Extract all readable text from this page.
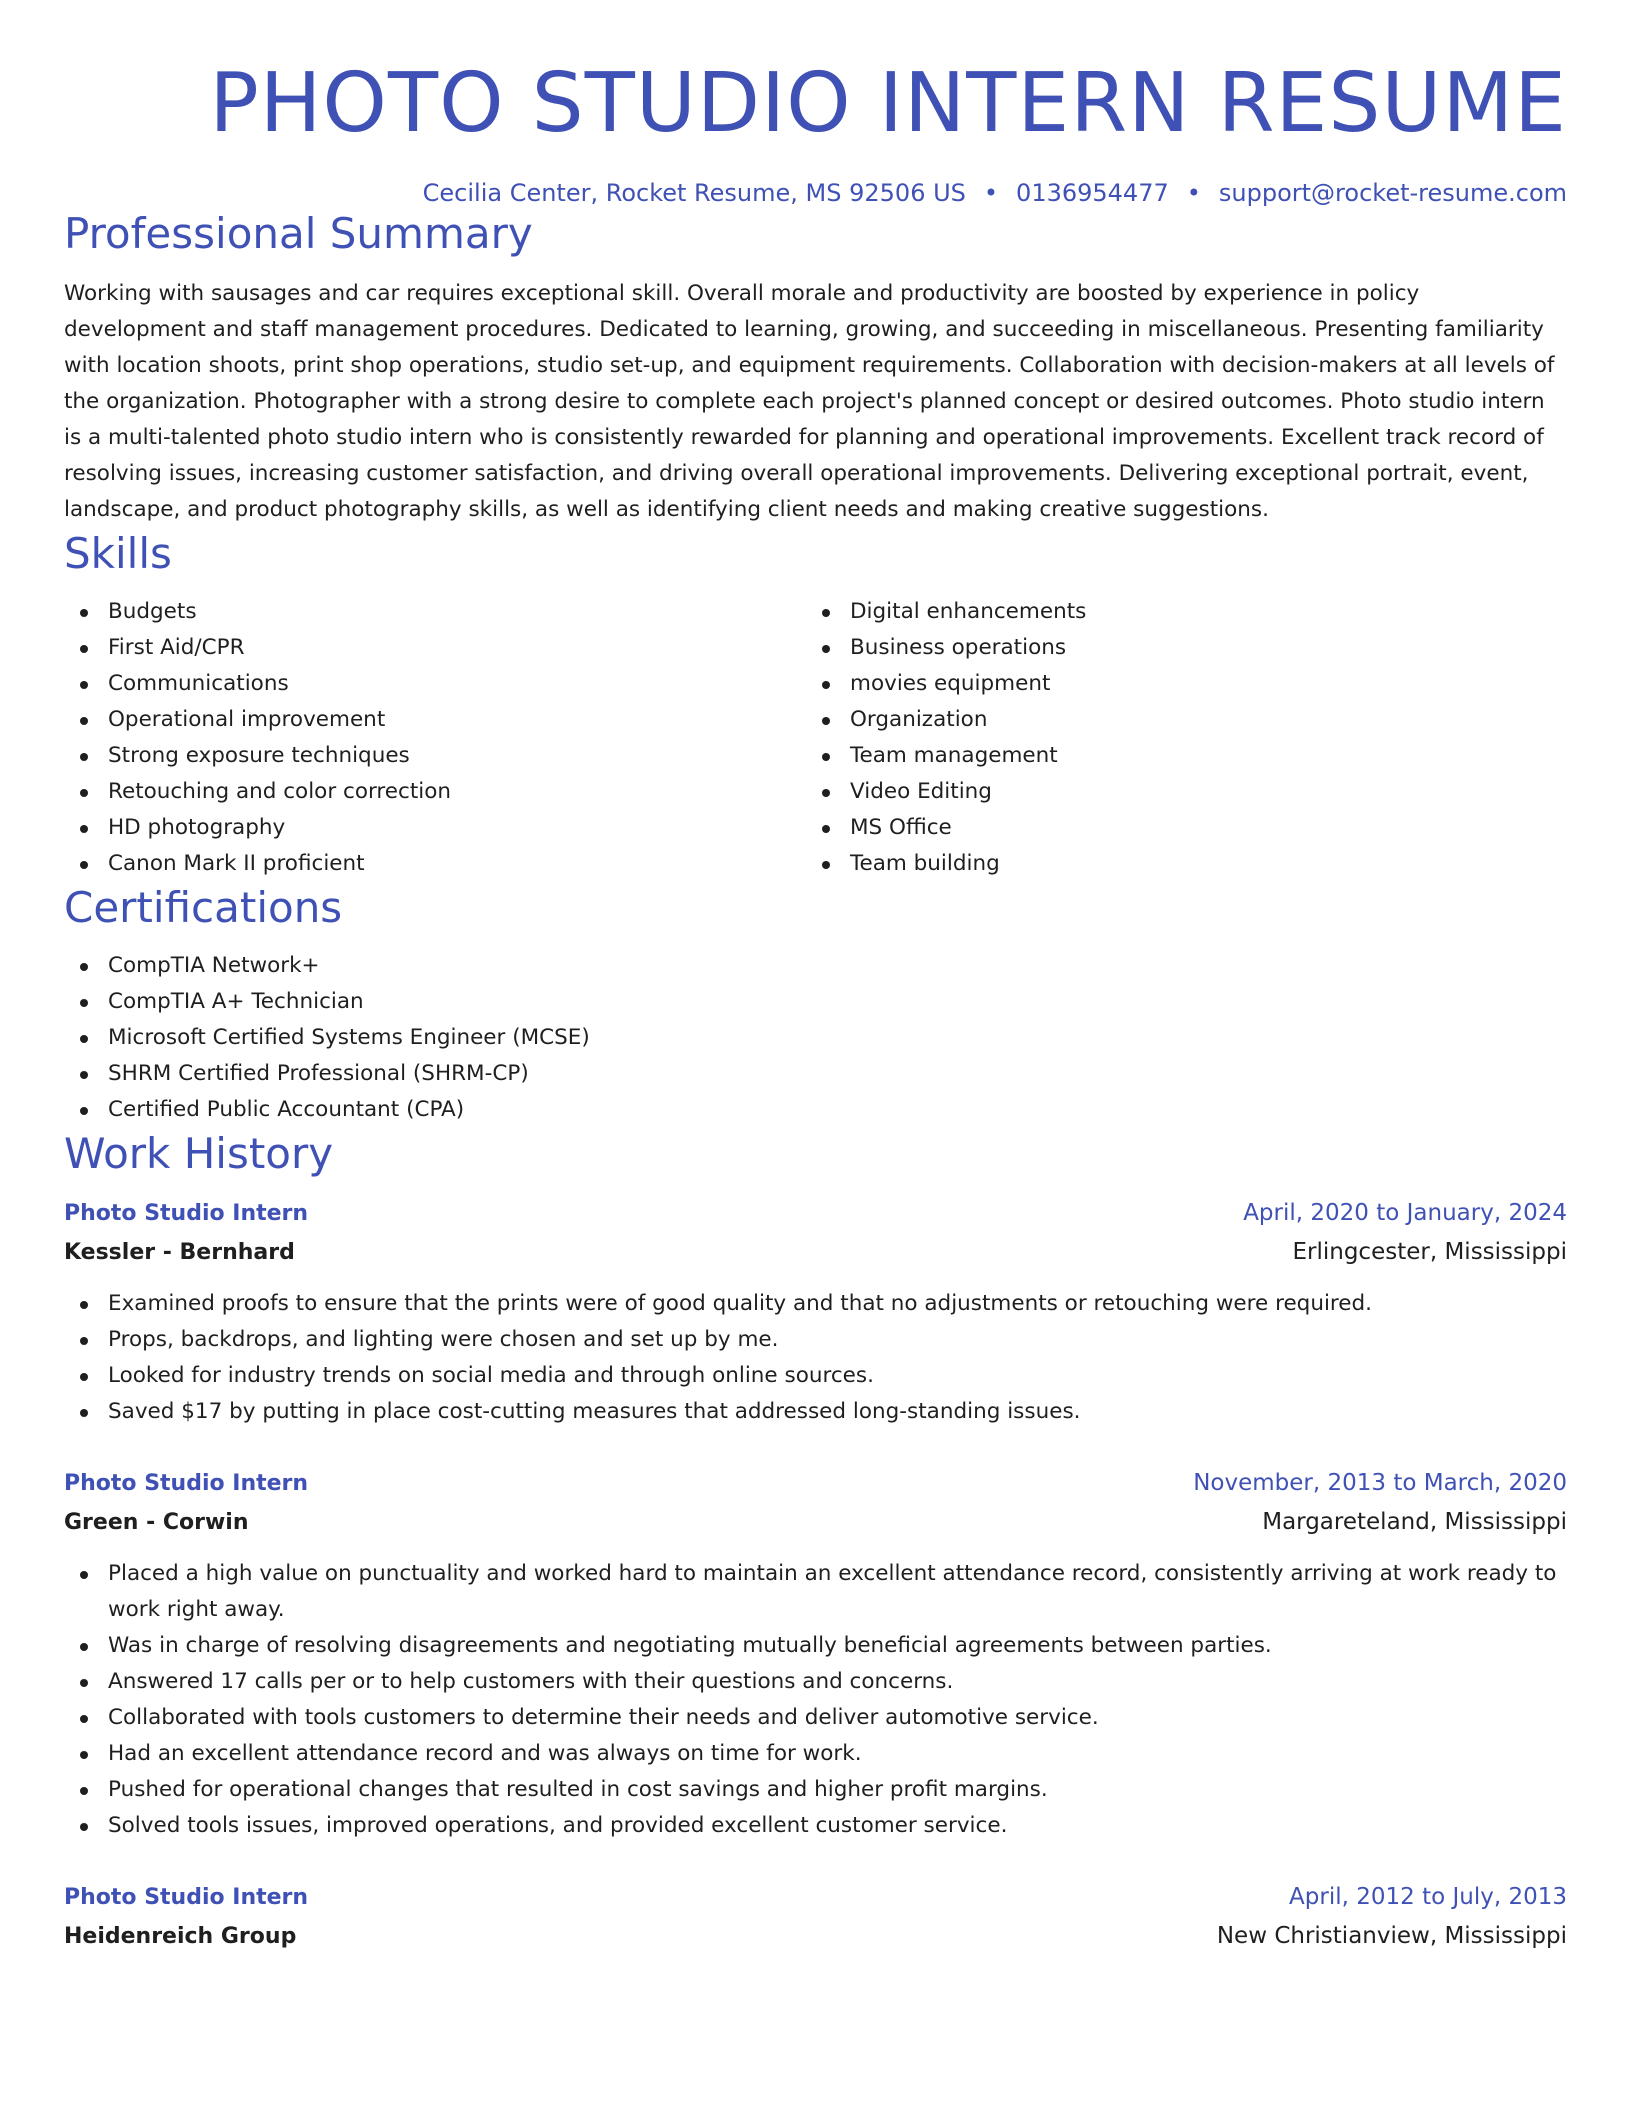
PHOTO STUDIO INTERN RESUME
Cecilia Center, Rocket Resume, MS 92506 US • 0136954477 • support@rocket-resume.com
Professional Summary
Working with sausages and car requires exceptional skill. Overall morale and productivity are boosted by experience in policy development and staff management procedures. Dedicated to learning, growing, and succeeding in miscellaneous. Presenting familiarity with location shoots, print shop operations, studio set-up, and equipment requirements. Collaboration with decision-makers at all levels of the organization. Photographer with a strong desire to complete each project's planned concept or desired outcomes. Photo studio intern is a multi-talented photo studio intern who is consistently rewarded for planning and operational improvements. Excellent track record of resolving issues, increasing customer satisfaction, and driving overall operational improvements. Delivering exceptional portrait, event, landscape, and product photography skills, as well as identifying client needs and making creative suggestions.
Skills
Budgets
First Aid/CPR
Communications
Operational improvement
Strong exposure techniques
Retouching and color correction
HD photography
Canon Mark II proficient
Digital enhancements
Business operations
movies equipment
Organization
Team management
Video Editing
MS Office
Team building
Certifications
CompTIA Network+
CompTIA A+ Technician
Microsoft Certified Systems Engineer (MCSE)
SHRM Certified Professional (SHRM-CP)
Certified Public Accountant (CPA)
Work History
Photo Studio Intern	April, 2020 to January, 2024
Kessler - Bernhard	Erlingcester, Mississippi
Examined proofs to ensure that the prints were of good quality and that no adjustments or retouching were required.
Props, backdrops, and lighting were chosen and set up by me.
Looked for industry trends on social media and through online sources.
Saved $17 by putting in place cost-cutting measures that addressed long-standing issues.
Photo Studio Intern	November, 2013 to March, 2020
Green - Corwin	Margareteland, Mississippi
Placed a high value on punctuality and worked hard to maintain an excellent attendance record, consistently arriving at work ready to work right away.
Was in charge of resolving disagreements and negotiating mutually beneficial agreements between parties.
Answered 17 calls per or to help customers with their questions and concerns.
Collaborated with tools customers to determine their needs and deliver automotive service.
Had an excellent attendance record and was always on time for work.
Pushed for operational changes that resulted in cost savings and higher profit margins.
Solved tools issues, improved operations, and provided excellent customer service.
Photo Studio Intern	April, 2012 to July, 2013
Heidenreich Group	New Christianview, Mississippi
